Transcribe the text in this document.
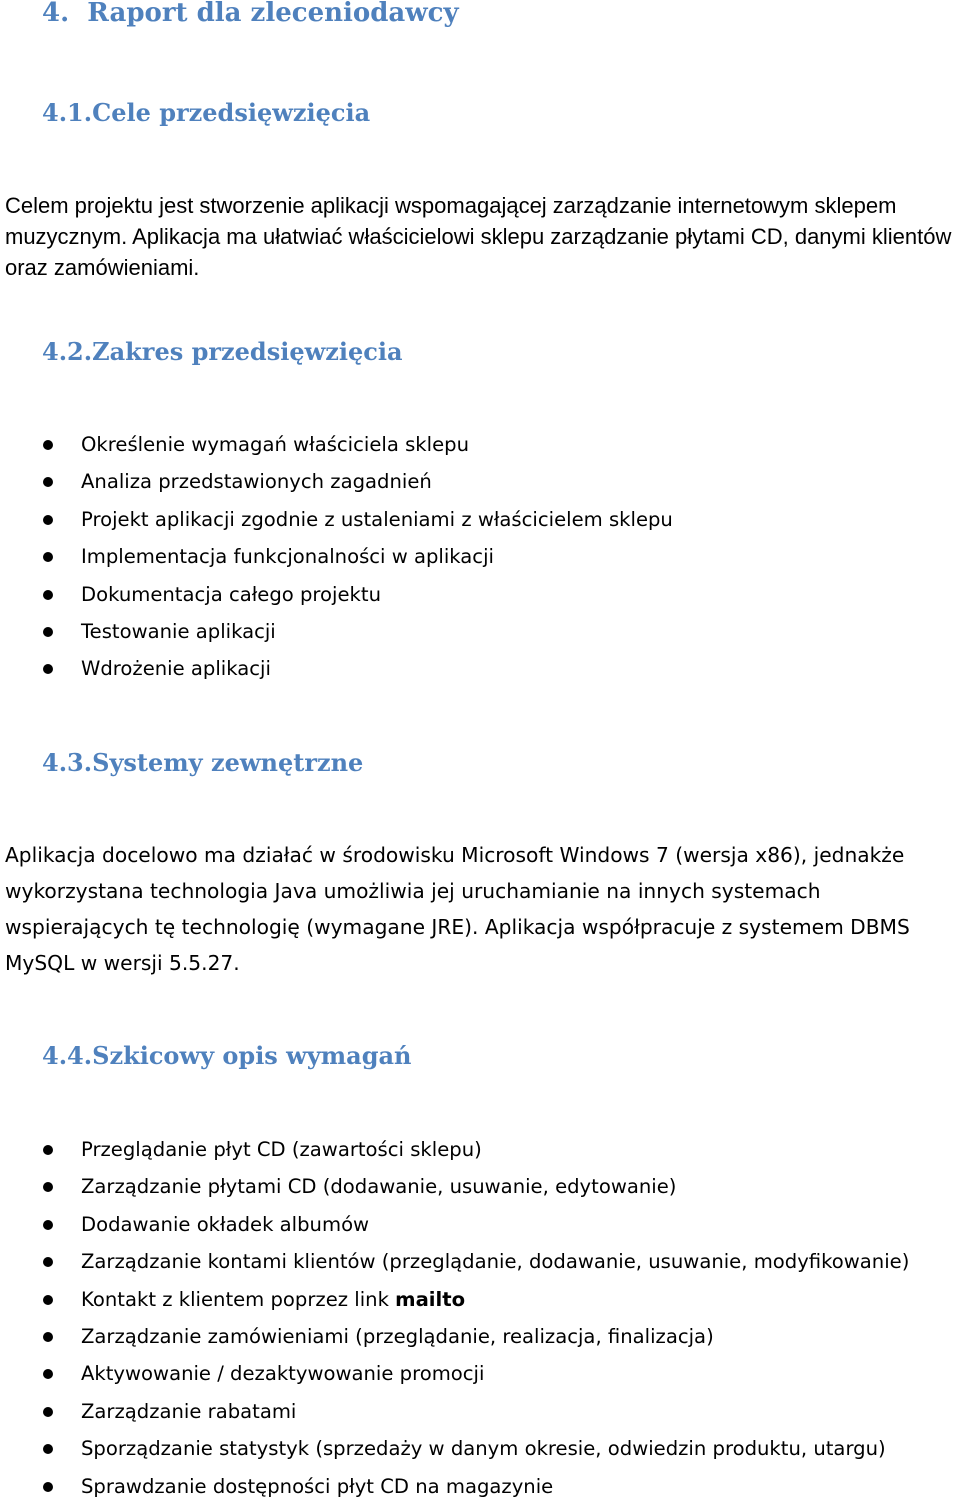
4. Raport dla zleceniodawcy
4.1.Cele przedsięwzięcia

Celem projektu jest stworzenie aplikacji wspomagającej zarządzanie internetowym sklepem muzycznym. Aplikacja ma ułatwiać właścicielowi sklepu zarządzanie płytami CD, danymi klientów oraz zamówieniami.

4.2.Zakres przedsięwzięcia
Określenie wymagań właściciela sklepu
Analiza przedstawionych zagadnień
Projekt aplikacji zgodnie z ustaleniami z właścicielem sklepu
Implementacja funkcjonalności w aplikacji
Dokumentacja całego projektu
Testowanie aplikacji
Wdrożenie aplikacji
4.3.Systemy zewnętrzne

Aplikacja docelowo ma działać w środowisku Microsoft Windows 7 (wersja x86), jednakże wykorzystana technologia Java umożliwia jej uruchamianie na innych systemach wspierających tę technologię (wymagane JRE). Aplikacja współpracuje z systemem DBMS MySQL w wersji 5.5.27.

4.4.Szkicowy opis wymagań
Przeglądanie płyt CD (zawartości sklepu)
Zarządzanie płytami CD (dodawanie, usuwanie, edytowanie)
Dodawanie okładek albumów
Zarządzanie kontami klientów (przeglądanie, dodawanie, usuwanie, modyfikowanie)
Kontakt z klientem poprzez link mailto
Zarządzanie zamówieniami (przeglądanie, realizacja, finalizacja)
Aktywowanie / dezaktywowanie promocji
Zarządzanie rabatami
Sporządzanie statystyk (sprzedaży w danym okresie, odwiedzin produktu, utargu)
Sprawdzanie dostępności płyt CD na magazynie
